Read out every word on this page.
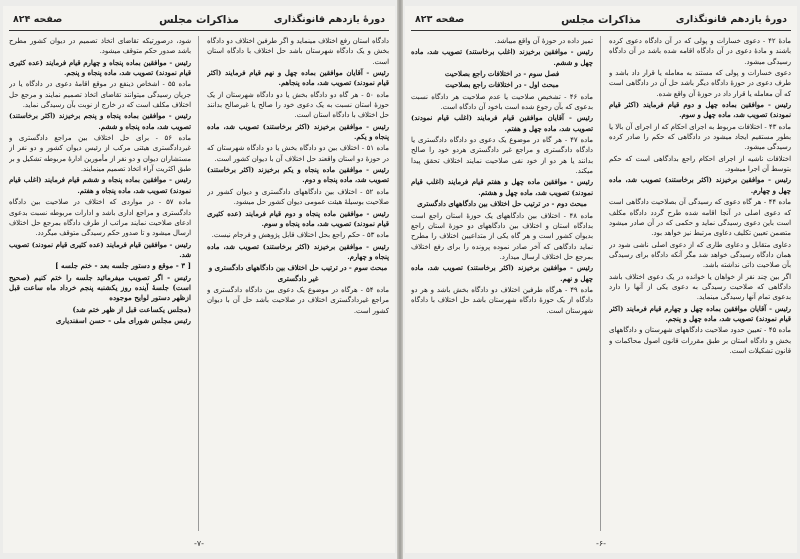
دورهٔ یازدهم قانونگذاری
مذاکرات مجلس
صفحه ۸۲۴

دادگاه استان رفع اختلاف مینماید و اگر طرفین اختلاف دو دادگاه بخش و یک دادگاه شهرستان باشد حل اختلاف با دادگاه استان است.

رئیس - آقایان موافقین بماده چهل و نهم قیام فرمایند (اکثر قیام نمودند) تصویب شد، ماده پنجاهم.

ماده ۵۰ - هر گاه دو دادگاه بخش یا دو دادگاه شهرستان از یک حوزهٔ استان نسبت به یک دعوی خود را صالح یا غیرصالح بدانند حل اختلاف با دادگاه استان است.

رئیس - موافقین برخیزند (اکثر برخاستند) تصویب شد، ماده پنجاه و یکم.

ماده ۵۱ - اختلاف بین دو دادگاه بخش یا دو دادگاه شهرستان که در حوزهٔ دو استان واقعند حل اختلاف آن با دیوان کشور است.

رئیس - موافقین ماده پنجاه و یکم برخیزند (اکثر برخاستند) تصویب شد، ماده پنجاه و دوم.

ماده ۵۲ - اختلاف بین دادگاههای دادگستری و دیوان کشور در صلاحیت بوسیلهٔ هیئت عمومی دیوان کشور حل میشود.

رئیس - موافقین ماده پنجاه و دوم قیام فرمایند (عده کثیری قیام نمودند) تصویب شد، ماده پنجاه و سوم.

ماده ۵۳ - حکم راجع بحل اختلاف قابل پژوهش و فرجام نیست.

رئیس - موافقین برخیزند (اکثر برخاستند) تصویب شد، ماده پنجاه و چهارم.

مبحث سوم - در ترتیب حل اختلاف بین دادگاههای دادگستری و غیر دادگستری

ماده ۵۴ - هرگاه در موضوع یک دعوی بین دادگاه دادگستری و مراجع غیردادگستری اختلاف در صلاحیت باشد حل آن با دیوان کشور است.

شود، درصورتیکه تقاضای اتخاذ تصمیم در دیوان کشور مطرح باشد صدور حکم متوقف میشود.

رئیس - موافقین بماده پنجاه و چهارم قیام فرمایند (عده کثیری قیام نمودند) تصویب شد، ماده پنجاه و پنجم.

ماده ۵۵ - اشخاص ذینفع در موقع اقامهٔ دعوی در دادگاه یا در جریان رسیدگی میتوانند تقاضای اتخاذ تصمیم نمایند و مرجع حل اختلاف مکلف است که در خارج از نوبت بآن رسیدگی نماید.

رئیس - موافقین بماده پنجاه و پنجم برخیزند (اکثر برخاستند) تصویب شد، ماده پنجاه و ششم.

ماده ۵۶ - برای حل اختلاف بین مراجع دادگستری و غیردادگستری هیئتی مرکب از رئیس دیوان کشور و دو نفر از مستشاران دیوان و دو نفر از مأمورین ادارهٔ مربوطه تشکیل و بر طبق اکثریت آراء اتخاذ تصمیم مینمایند.

رئیس - موافقین بماده پنجاه و ششم قیام فرمایند (اغلب قیام نمودند) تصویب شد، ماده پنجاه و هفتم.

ماده ۵۷ - در مواردی که اختلاف در صلاحیت بین دادگاه دادگستری و مراجع اداری باشد و ادارات مربوطه نسبت بدعوی ادعای صلاحیت نمایند مراتب از طرف دادگاه بمرجع حل اختلاف ارسال میشود و تا صدور حکم رسیدگی متوقف میگردد.

رئیس - موافقین قیام فرمایند (عده کثیری قیام نمودند) تصویب شد.

[ ۳ - موقع و دستور جلسه بعد - ختم جلسه ]

رئیس - اگر تصویب میفرمائید جلسه را ختم کنیم (صحیح است) جلسهٔ آینده روز یکشنبه پنجم خرداد ماه ساعت قبل ازظهر دستور لوایح موجوده

(مجلس یکساعت قبل از ظهر ختم شد)

رئیس مجلس شورای ملی - حسن اسفندیاری

-۷-
دورهٔ یازدهم قانونگذاری
مذاکرات مجلس
صفحه ۸۲۳

مادهٔ ۴۲ - دعوی خسارات و پولی که در آن دادگاه دعوی کرده باشند و مادهٔ دعوی در آن دادگاه اقامه شده باشد در آن دادگاه رسیدگی میشود.

دعوی خسارات و پولی که مستند به معامله یا قرار داد باشد و طرف دعوی در حوزهٔ دادگاه دیگر باشد حل آن در دادگاهی است که آن معامله یا قرار داد در حوزهٔ آن واقع شده.

رئیس - موافقین بماده چهل و دوم قیام فرمایند (اکثر قیام نمودند) تصویب شد، ماده چهل و سوم.

ماده ۴۳ - اختلافات مربوط به اجرای احکام که از اجرای آن بالا یا بطور مستقیم ایجاد میشود در دادگاهی که حکم را صادر کرده رسیدگی میشود.

اختلافات ناشیه از اجرای احکام راجع بدادگاهی است که حکم بتوسط آن اجرا میشود.

رئیس - موافقین برخیزند (اکثر برخاستند) تصویب شد، ماده چهل و چهارم.

ماده ۴۴ - هر گاه دعوی که رسیدگی آن بصلاحیت دادگاهی است که دعوی اصلی در آنجا اقامه شده طرح گردد دادگاه مکلف است باین دعوی رسیدگی نماید و حکمی که در آن صادر میشود متضمن تعیین تکلیف دعاوی مرتبط نیز خواهد بود.

دعاوی متقابل و دعاوی طاری که از دعوی اصلی ناشی شود در همان دادگاه رسیدگی خواهد شد مگر آنکه دادگاه برای رسیدگی بآن صلاحیت ذاتی نداشته باشد.

اگر بین چند نفر از خواهان یا خوانده در یک دعوی اختلاف باشد دادگاهی که صلاحیت رسیدگی به دعوی یکی از آنها را دارد بدعوی تمام آنها رسیدگی مینماید.

رئیس - آقایان موافقین بماده چهل و چهارم قیام فرمایند (اکثر قیام نمودند) تصویب شد، ماده چهل و پنجم.

ماده ۴۵ - تعیین حدود صلاحیت دادگاههای شهرستان و دادگاههای بخش و دادگاه استان بر طبق مقررات قانون اصول محاکمات و قانون تشکیلات است.

تمیز داده در حوزهٔ آن واقع میباشد.

رئیس - موافقین برخیزند (اغلب برخاستند) تصویب شد، ماده چهل و ششم.

فصل سوم - در اختلافات راجع بصلاحیت

مبحث اول - در اختلافات راجع بصلاحیت

ماده ۴۶ - تشخیص صلاحیت یا عدم صلاحیت هر دادگاه نسبت بدعوی که بآن رجوع شده است باخود آن دادگاه است.

رئیس - آقایان موافقین قیام فرمایند (اغلب قیام نمودند) تصویب شد، ماده چهل و هفتم.

ماده ۴۷ - هر گاه در موضوع یک دعوی دو دادگاه دادگستری یا دادگاه دادگستری و مراجع غیر دادگستری هردو خود را صالح بدانند یا هر دو از خود نفی صلاحیت نمایند اختلاف تحقق پیدا میکند.

رئیس - موافقین ماده چهل و هفتم قیام فرمایند (اغلب قیام نمودند) تصویب شد، ماده چهل و هشتم.

مبحث دوم - در ترتیب حل اختلاف بین دادگاههای دادگستری

ماده ۴۸ - اختلاف بین دادگاههای یک حوزهٔ استان راجع است بدادگاه استان و اختلاف بین دادگاههای دو حوزهٔ استان راجع بدیوان کشور است و هر گاه یکی از متداعیین اختلاف را مطرح نماید دادگاهی که آخر صادر نموده پرونده را برای رفع اختلاف بمرجع حل اختلاف ارسال میدارد.

رئیس - موافقین برخیزند (اکثر برخاستند) تصویب شد، ماده چهل و نهم.

ماده ۴۹ - هرگاه طرفین اختلاف دو دادگاه بخش باشد و هر دو دادگاه از یک حوزهٔ دادگاه شهرستان باشد حل اختلاف با دادگاه شهرستان است.

-۶-
